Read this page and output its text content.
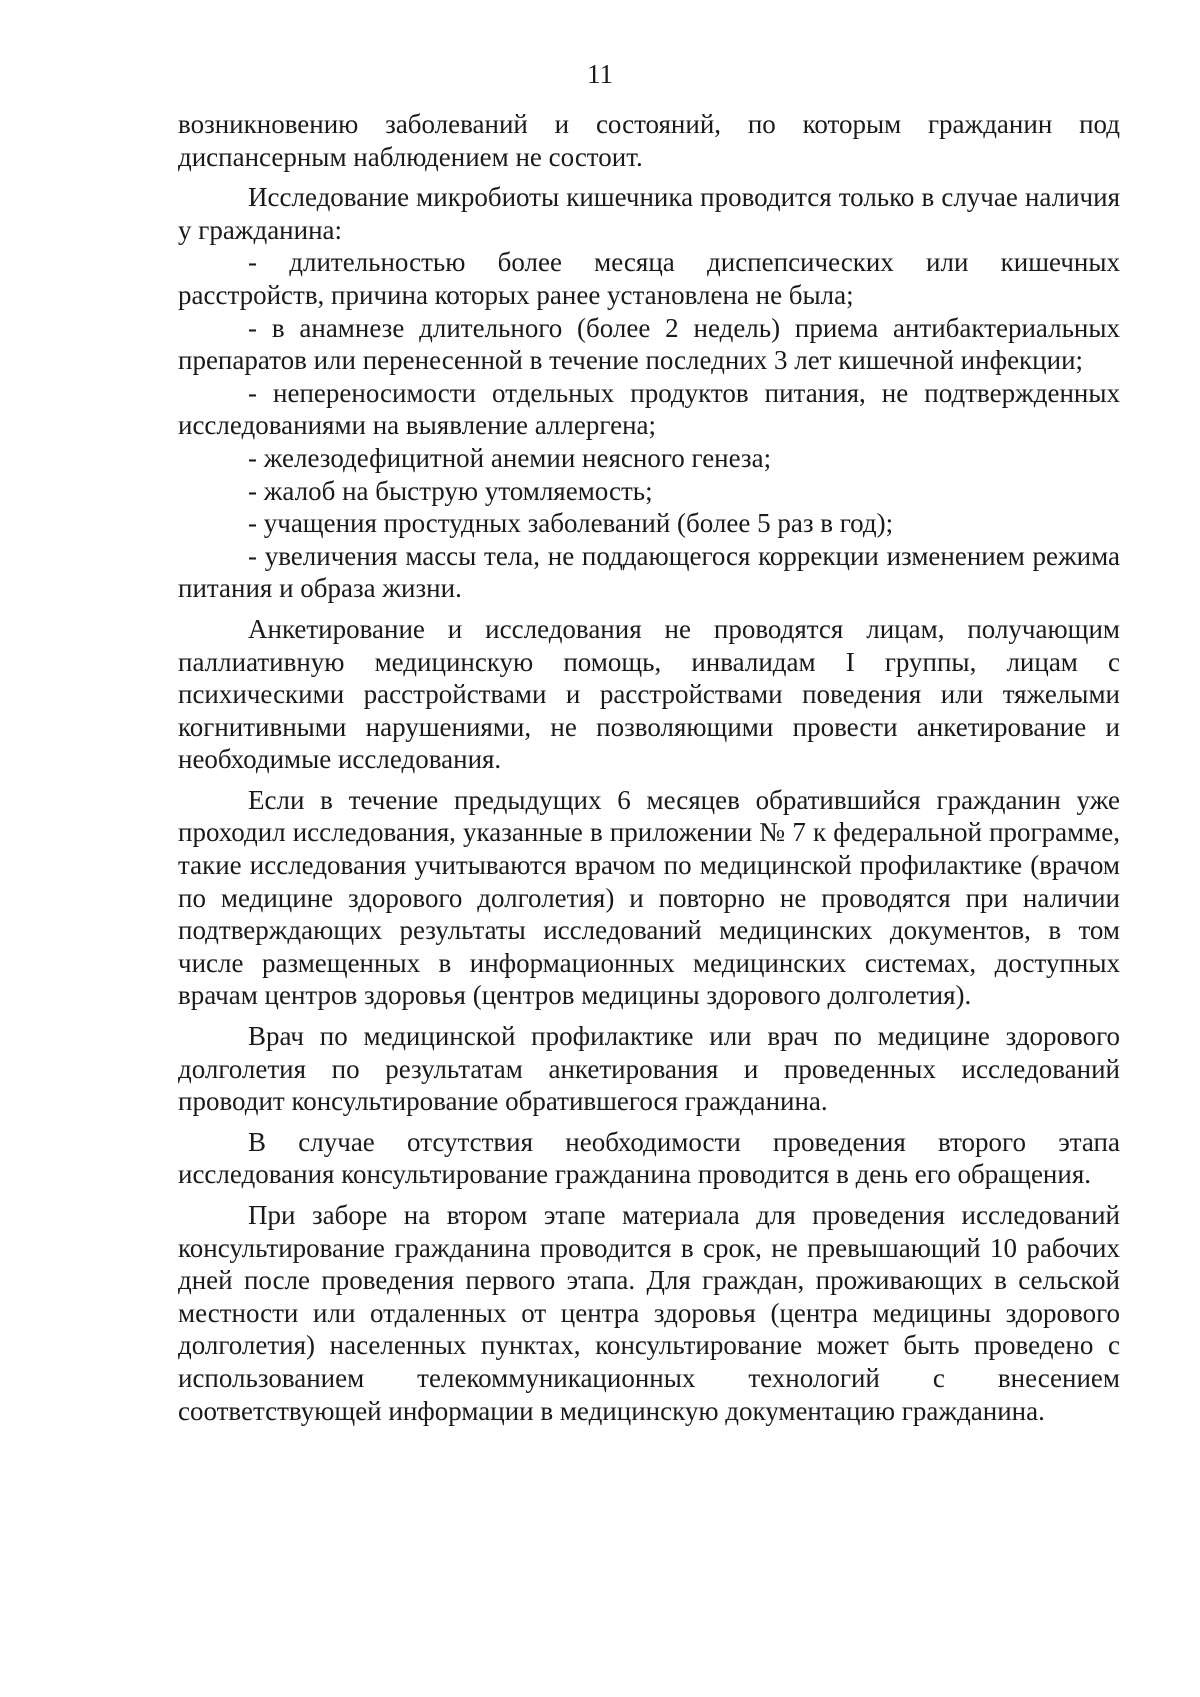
11

возникновению заболеваний и состояний, по которым гражданин под диспансерным наблюдением не состоит.

Исследование микробиоты кишечника проводится только в случае наличия у гражданина:

- длительностью более месяца диспепсических или кишечных расстройств, причина которых ранее установлена не была;

- в анамнезе длительного (более 2 недель) приема антибактериальных препаратов или перенесенной в течение последних 3 лет кишечной инфекции;

- непереносимости отдельных продуктов питания, не подтвержденных исследованиями на выявление аллергена;

- железодефицитной анемии неясного генеза;

- жалоб на быструю утомляемость;

- учащения простудных заболеваний (более 5 раз в год);

- увеличения массы тела, не поддающегося коррекции изменением режима питания и образа жизни.

Анкетирование и исследования не проводятся лицам, получающим паллиативную медицинскую помощь, инвалидам I группы, лицам с психическими расстройствами и расстройствами поведения или тяжелыми когнитивными нарушениями, не позволяющими провести анкетирование и необходимые исследования.

Если в течение предыдущих 6 месяцев обратившийся гражданин уже проходил исследования, указанные в приложении № 7 к федеральной программе, такие исследования учитываются врачом по медицинской профилактике (врачом по медицине здорового долголетия) и повторно не проводятся при наличии подтверждающих результаты исследований медицинских документов, в том числе размещенных в информационных медицинских системах, доступных врачам центров здоровья (центров медицины здорового долголетия).

Врач по медицинской профилактике или врач по медицине здорового долголетия по результатам анкетирования и проведенных исследований проводит консультирование обратившегося гражданина.

В случае отсутствия необходимости проведения второго этапа исследования консультирование гражданина проводится в день его обращения.

При заборе на втором этапе материала для проведения исследований консультирование гражданина проводится в срок, не превышающий 10 рабочих дней после проведения первого этапа. Для граждан, проживающих в сельской местности или отдаленных от центра здоровья (центра медицины здорового долголетия) населенных пунктах, консультирование может быть проведено с использованием телекоммуникационных технологий с внесением соответствующей информации в медицинскую документацию гражданина.
